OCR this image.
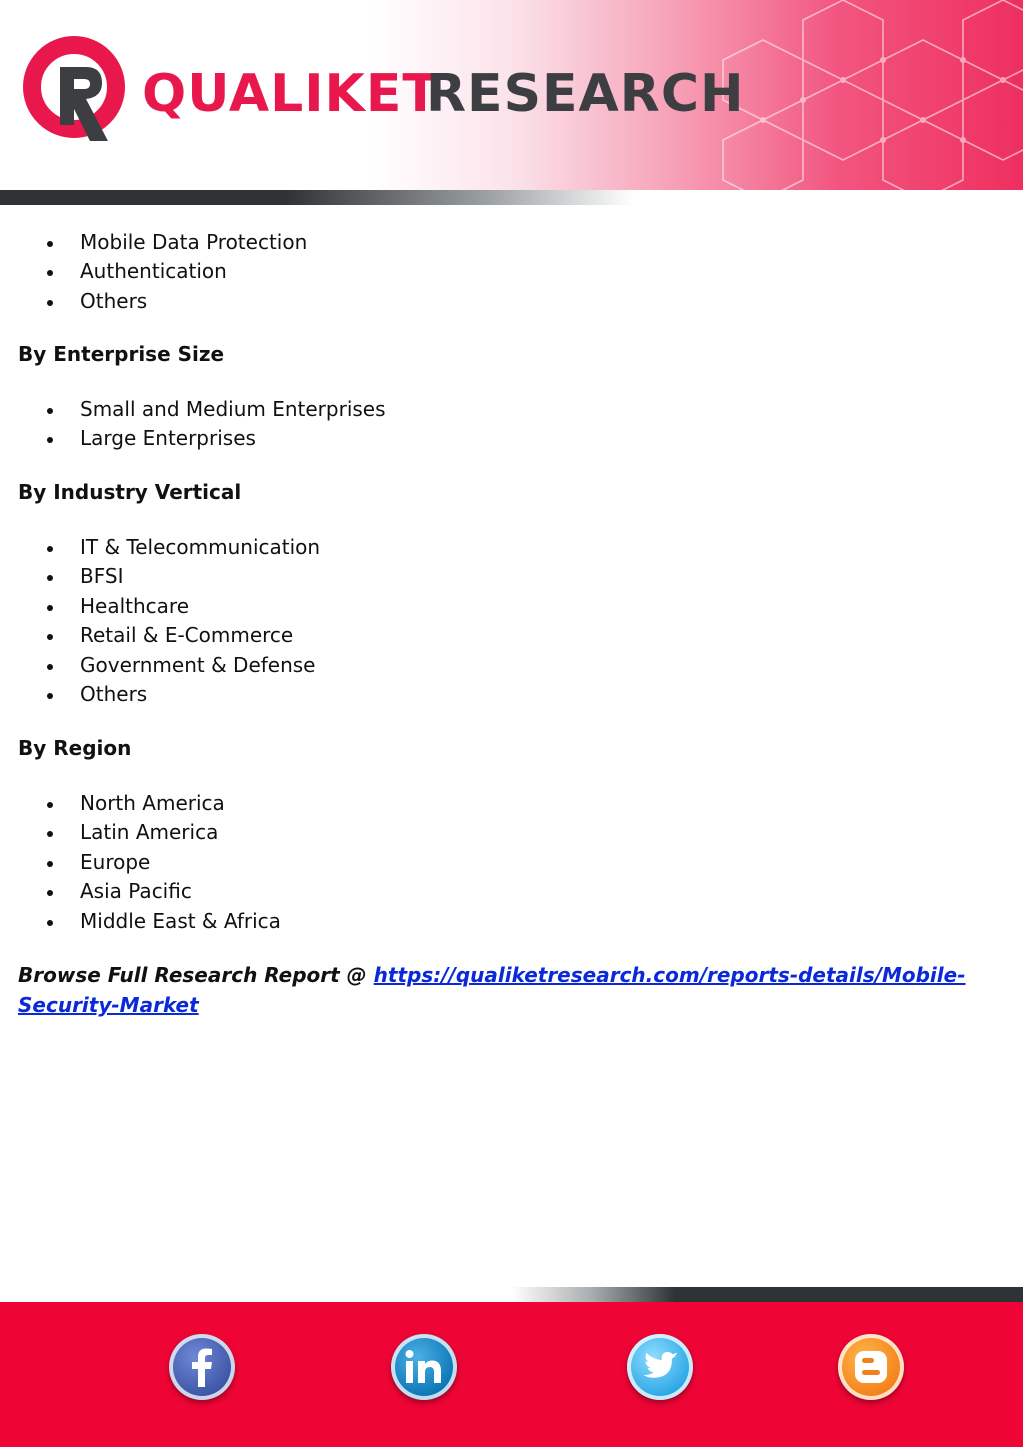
QUALIKET
RESEARCH
Mobile Data Protection
Authentication
Others
By Enterprise Size
Small and Medium Enterprises
Large Enterprises
By Industry Vertical
IT & Telecommunication
BFSI
Healthcare
Retail & E-Commerce
Government & Defense
Others
By Region
North America
Latin America
Europe
Asia Pacific
Middle East & Africa

Browse Full Research Report @ https://qualiketresearch.com/reports-details/Mobile-Security-Market
